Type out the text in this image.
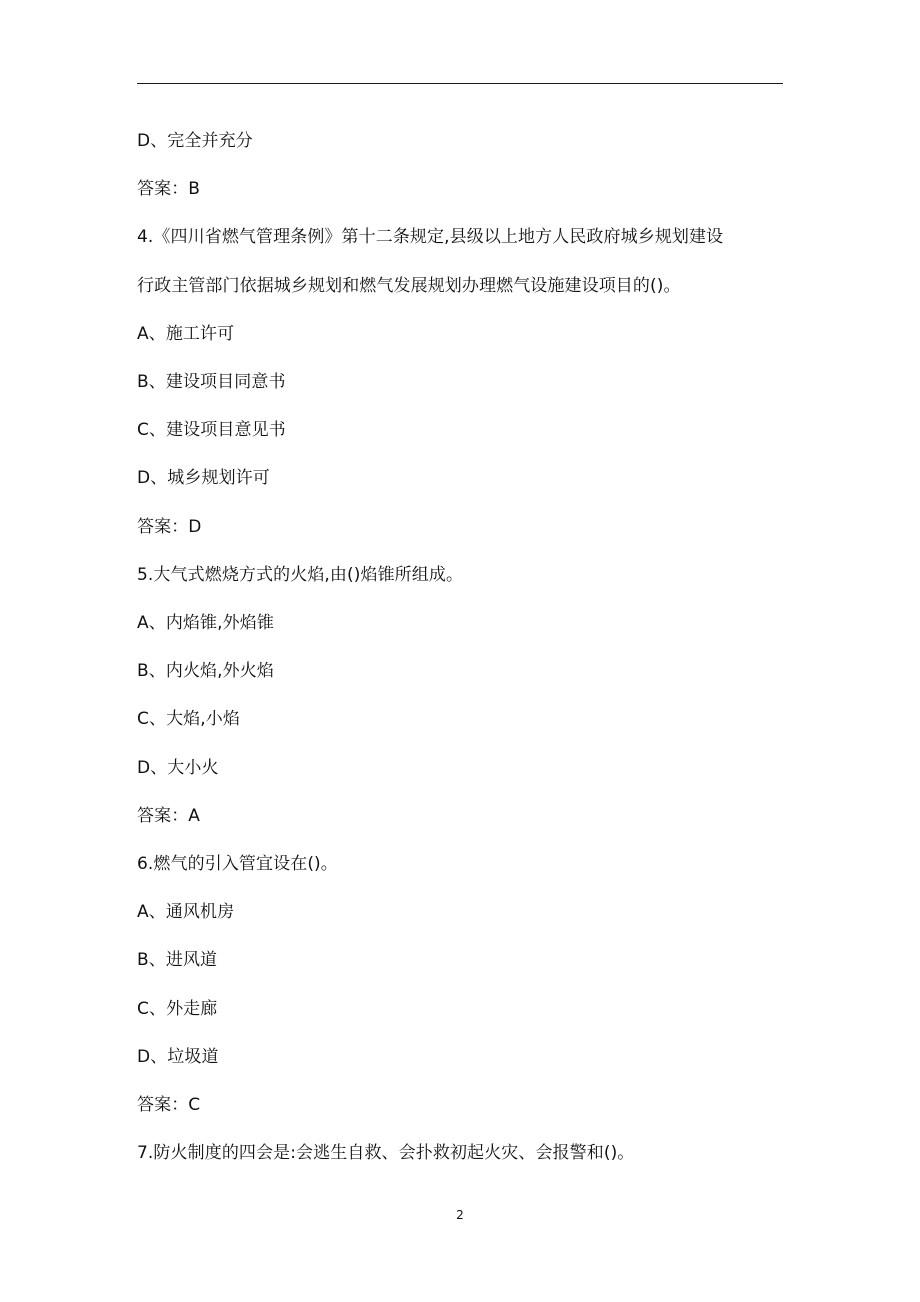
D、完全并充分

答案：B

4.《四川省燃气管理条例》第十二条规定,县级以上地方人民政府城乡规划建设

行政主管部门依据城乡规划和燃气发展规划办理燃气设施建设项目的()。

A、施工许可

B、建设项目同意书

C、建设项目意见书

D、城乡规划许可

答案：D

5.大气式燃烧方式的火焰,由()焰锥所组成。

A、内焰锥,外焰锥

B、内火焰,外火焰

C、大焰,小焰

D、大小火

答案：A

6.燃气的引入管宜设在()。

A、通风机房

B、进风道

C、外走廊

D、垃圾道

答案：C

7.防火制度的四会是:会逃生自救、会扑救初起火灾、会报警和()。

2
